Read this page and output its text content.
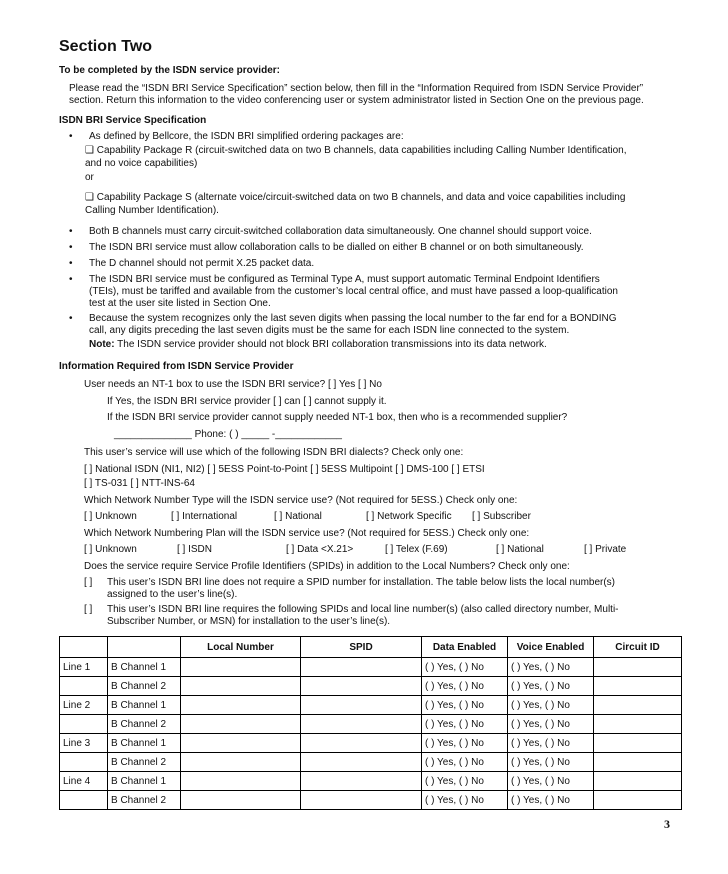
Section Two
To be completed by the ISDN service provider:
Please read the “ISDN BRI Service Specification” section below, then fill in the “Information Required from ISDN Service Provider”
section. Return this information to the video conferencing user or system administrator listed in Section One on the previous page.
ISDN BRI Service Specification
• As defined by Bellcore, the ISDN BRI simplified ordering packages are:
❑ Capability Package R (circuit-switched data on two B channels, data capabilities including Calling Number Identification,
and no voice capabilities)
or
❑ Capability Package S (alternate voice/circuit-switched data on two B channels, and data and voice capabilities including
Calling Number Identification).
• Both B channels must carry circuit-switched collaboration data simultaneously. One channel should support voice.
• The ISDN BRI service must allow collaboration calls to be dialled on either B channel or on both simultaneously.
• The D channel should not permit X.25 packet data.
• The ISDN BRI service must be configured as Terminal Type A, must support automatic Terminal Endpoint Identifiers
(TEIs), must be tariffed and available from the customer’s local central office, and must have passed a loop-qualification
test at the user site listed in Section One.
• Because the system recognizes only the last seven digits when passing the local number to the far end for a BONDING
call, any digits preceding the last seven digits must be the same for each ISDN line connected to the system.
Note: The ISDN service provider should not block BRI collaboration transmissions into its data network.
Information Required from ISDN Service Provider
User needs an NT-1 box to use the ISDN BRI service? [ ] Yes [ ] No
If Yes, the ISDN BRI service provider [ ] can [ ] cannot supply it.
If the ISDN BRI service provider cannot supply needed NT-1 box, then who is a recommended supplier?
______________ Phone: ( ) _____ -____________
This user’s service will use which of the following ISDN BRI dialects? Check only one:
[ ] National ISDN (NI1, NI2) [ ] 5ESS Point-to-Point [ ] 5ESS Multipoint [ ] DMS-100 [ ] ETSI
[ ] TS-031 [ ] NTT-INS-64
Which Network Number Type will the ISDN service use? (Not required for 5ESS.) Check only one:
[ ] Unknown	[ ] International	[ ] National	[ ] Network Specific [ ] Subscriber
Which Network Numbering Plan will the ISDN service use? (Not required for 5ESS.) Check only one:
[ ] Unknown	[ ] ISDN	[ ] Data <X.21>	[ ] Telex (F.69)	[ ] National	[ ] Private
Does the service require Service Profile Identifiers (SPIDs) in addition to the Local Numbers? Check only one:
[ ] This user’s ISDN BRI line does not require a SPID number for installation. The table below lists the local number(s)
assigned to the user’s line(s).
[ ] This user’s ISDN BRI line requires the following SPIDs and local line number(s) (also called directory number, Multi-
Subscriber Number, or MSN) for installation to the user’s line(s).
		Local Number	SPID	Data Enabled	Voice Enabled	Circuit ID
Line 1	B Channel 1			( ) Yes, ( ) No	( ) Yes, ( ) No	
	B Channel 2			( ) Yes, ( ) No	( ) Yes, ( ) No	
Line 2	B Channel 1			( ) Yes, ( ) No	( ) Yes, ( ) No	
	B Channel 2			( ) Yes, ( ) No	( ) Yes, ( ) No	
Line 3	B Channel 1			( ) Yes, ( ) No	( ) Yes, ( ) No	
	B Channel 2			( ) Yes, ( ) No	( ) Yes, ( ) No	
Line 4	B Channel 1			( ) Yes, ( ) No	( ) Yes, ( ) No	
	B Channel 2			( ) Yes, ( ) No	( ) Yes, ( ) No	
3
